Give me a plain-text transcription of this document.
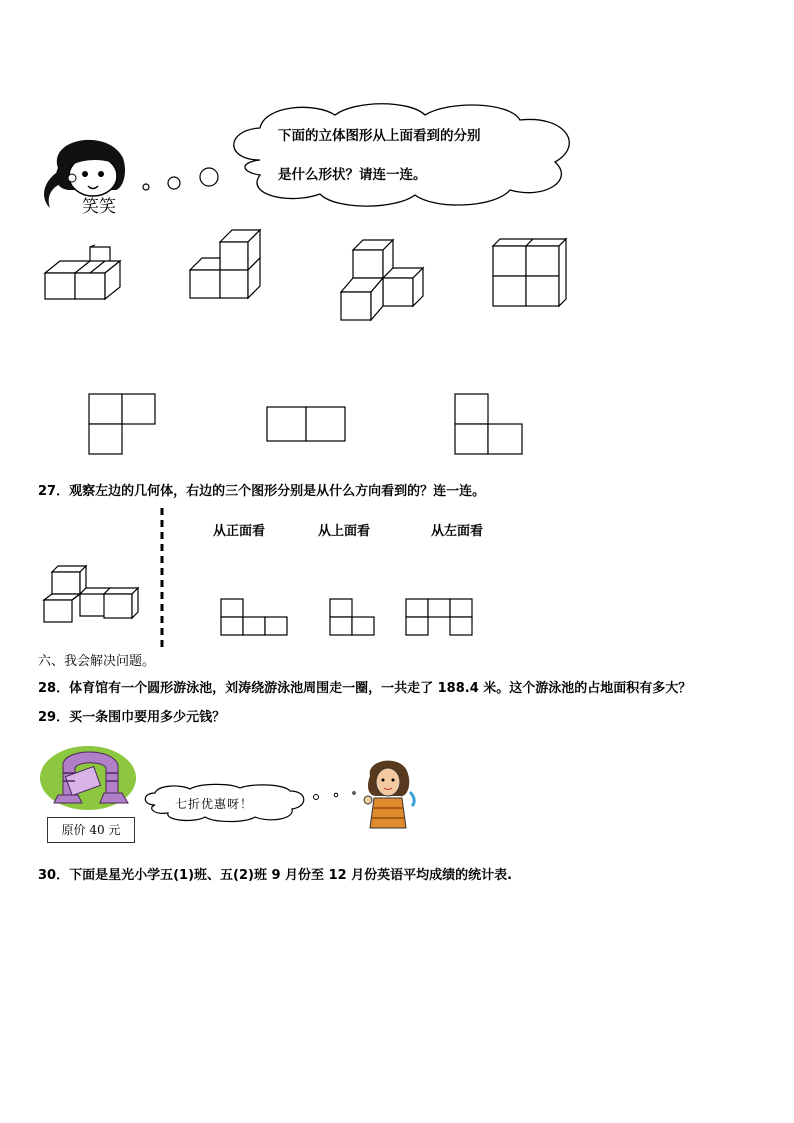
笑笑
下面的立体图形从上面看到的分别
是什么形状？请连一连。
27．观察左边的几何体，右边的三个图形分别是从什么方向看到的？连一连。
从正面看	从上面看	从左面看
六、我会解决问题。
28．体育馆有一个圆形游泳池，刘涛绕游泳池周围走一圈，一共走了 188.4 米。这个游泳池的占地面积有多大？
29．买一条围巾要用多少元钱？
原价 40 元
七折优惠呀！
30．下面是星光小学五(1)班、五(2)班 9 月份至 12 月份英语平均成绩的统计表.
